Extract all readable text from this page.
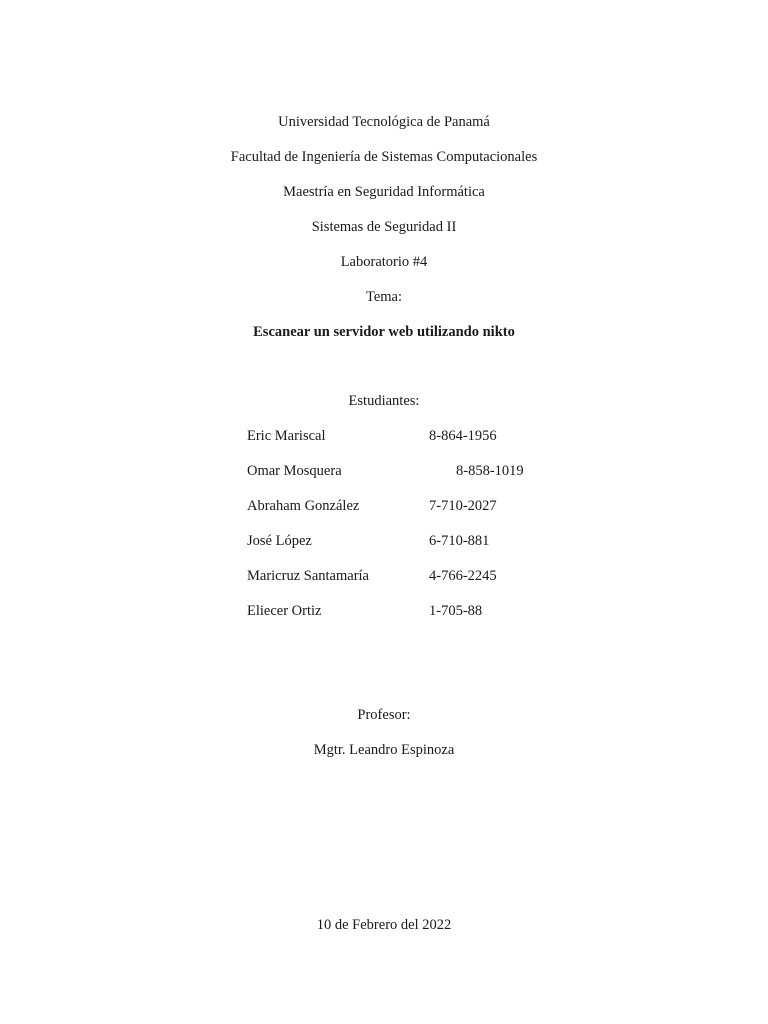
Universidad Tecnológica de Panamá
Facultad de Ingeniería de Sistemas Computacionales
Maestría en Seguridad Informática
Sistemas de Seguridad II
Laboratorio #4
Tema:
Escanear un servidor web utilizando nikto
Estudiantes:
Eric Mariscal	8-864-1956
Omar Mosquera	8-858-1019
Abraham González	7-710-2027
José López	6-710-881
Maricruz Santamaría	4-766-2245
Eliecer Ortiz	1-705-88
Profesor:
Mgtr. Leandro Espinoza
10 de Febrero del 2022
